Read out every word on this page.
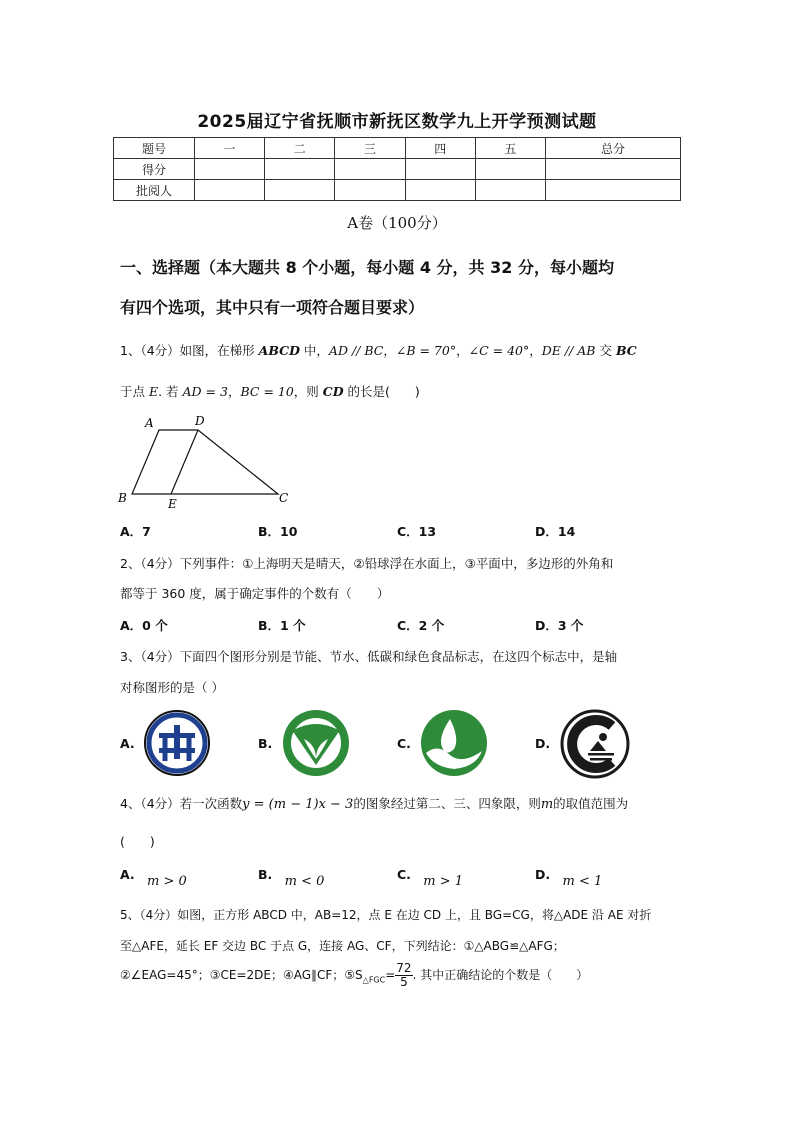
2025届辽宁省抚顺市新抚区数学九上开学预测试题
题号	一	二	三	四	五	总分
得分						
批阅人						
A卷（100分）
一、选择题（本大题共 8 个小题，每小题 4 分，共 32 分，每小题均
有四个选项，其中只有一项符合题目要求）
1、（4分）如图，在梯形 ABCD 中，AD // BC，∠B = 70°，∠C = 40°，DE // AB 交 BC
于点 E. 若 AD = 3，BC = 10，则 CD 的长是(　　)
A	D
B	E	C
A．7	B．10	C．13	D．14
2、（4分）下列事件：①上海明天是晴天，②铅球浮在水面上，③平面中，多边形的外角和
都等于 360 度，属于确定事件的个数有（　　）
A．0 个	B．1 个	C．2 个	D．3 个
3、（4分）下面四个图形分别是节能、节水、低碳和绿色食品标志，在这四个标志中，是轴
对称图形的是（ ）
A.	B.	C.	D.
4、（4分）若一次函数y = (m − 1)x − 3的图象经过第二、三、四象限，则m的取值范围为
(　　)
A. m > 0	B. m < 0	C. m > 1	D. m < 1
5、（4分）如图，正方形 ABCD 中，AB=12，点 E 在边 CD 上，且 BG=CG，将△ADE 沿 AE 对折
至△AFE，延长 EF 交边 BC 于点 G，连接 AG、CF，下列结论：①△ABG≌△AFG；
②∠EAG=45°；③CE=2DE；④AG∥CF；$⑤S_{\triangle FGC}= \frac{72}{5}$ . 其中正确结论的个数是（　　）
